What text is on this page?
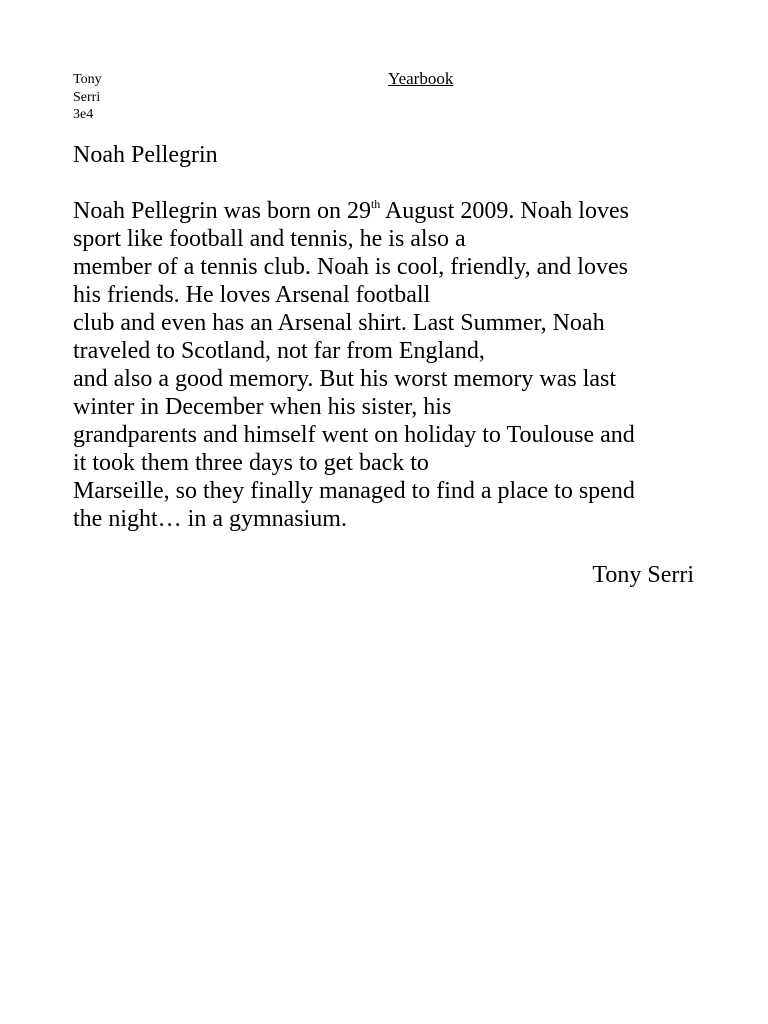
Tony
Serri
3e4
Yearbook
Noah Pellegrin
Noah Pellegrin was born on 29th August 2009. Noah loves
sport like football and tennis, he is also a
member of a tennis club. Noah is cool, friendly, and loves
his friends. He loves Arsenal football
club and even has an Arsenal shirt. Last Summer, Noah
traveled to Scotland, not far from England,
and also a good memory. But his worst memory was last
winter in December when his sister, his
grandparents and himself went on holiday to Toulouse and
it took them three days to get back to
Marseille, so they finally managed to find a place to spend
the night… in a gymnasium.
Tony Serri
